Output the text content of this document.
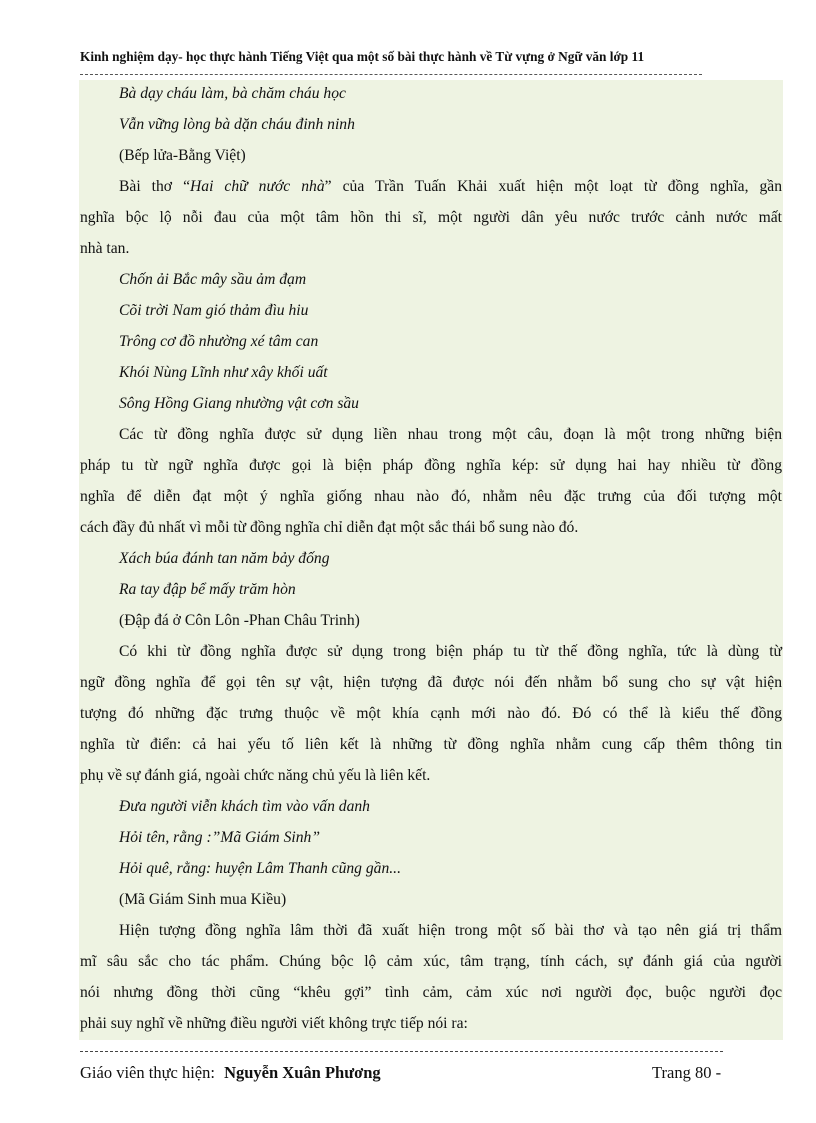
Kinh nghiệm dạy- học thực hành Tiếng Việt qua một số bài thực hành về Từ vựng ở Ngữ văn lớp 11
Bà dạy cháu làm, bà chăm cháu học
Vẫn vững lòng bà dặn cháu đinh ninh
(Bếp lửa-Bằng Việt)
Bài thơ “Hai chữ nước nhà” của Trần Tuấn Khải xuất hiện một loạt từ đồng nghĩa, gần
nghĩa bộc lộ nỗi đau của một tâm hồn thi sĩ, một người dân yêu nước trước cảnh nước mất
nhà tan.
Chốn ải Bắc mây sầu ảm đạm
Cõi trời Nam gió thảm đìu hiu
Trông cơ đồ nhường xé tâm can
Khói Nùng Lĩnh như xây khối uất
Sông Hồng Giang nhường vật cơn sầu
Các từ đồng nghĩa được sử dụng liền nhau trong một câu, đoạn là một trong những biện
pháp tu từ ngữ nghĩa được gọi là biện pháp đồng nghĩa kép: sử dụng hai hay nhiều từ đồng
nghĩa để diễn đạt một ý nghĩa giống nhau nào đó, nhằm nêu đặc trưng của đối tượng một
cách đầy đủ nhất vì mỗi từ đồng nghĩa chỉ diễn đạt một sắc thái bổ sung nào đó.
Xách búa đánh tan năm bảy đống
Ra tay đập bể mấy trăm hòn
(Đập đá ở Côn Lôn -Phan Châu Trinh)
Có khi từ đồng nghĩa được sử dụng trong biện pháp tu từ thế đồng nghĩa, tức là dùng từ
ngữ đồng nghĩa để gọi tên sự vật, hiện tượng đã được nói đến nhằm bổ sung cho sự vật hiện
tượng đó những đặc trưng thuộc về một khía cạnh mới nào đó. Đó có thể là kiểu thế đồng
nghĩa từ điển: cả hai yếu tố liên kết là những từ đồng nghĩa nhằm cung cấp thêm thông tin
phụ về sự đánh giá, ngoài chức năng chủ yếu là liên kết.
Đưa người viễn khách tìm vào vấn danh
Hỏi tên, rằng :”Mã Giám Sinh”
Hỏi quê, rằng: huyện Lâm Thanh cũng gần...
(Mã Giám Sinh mua Kiều)
Hiện tượng đồng nghĩa lâm thời đã xuất hiện trong một số bài thơ và tạo nên giá trị thẩm
mĩ sâu sắc cho tác phẩm. Chúng bộc lộ cảm xúc, tâm trạng, tính cách, sự đánh giá của người
nói nhưng đồng thời cũng “khêu gợi” tình cảm, cảm xúc nơi người đọc, buộc người đọc
phải suy nghĩ về những điều người viết không trực tiếp nói ra:
Giáo viên thực hiện: Nguyễn Xuân Phương	Trang 80 -
